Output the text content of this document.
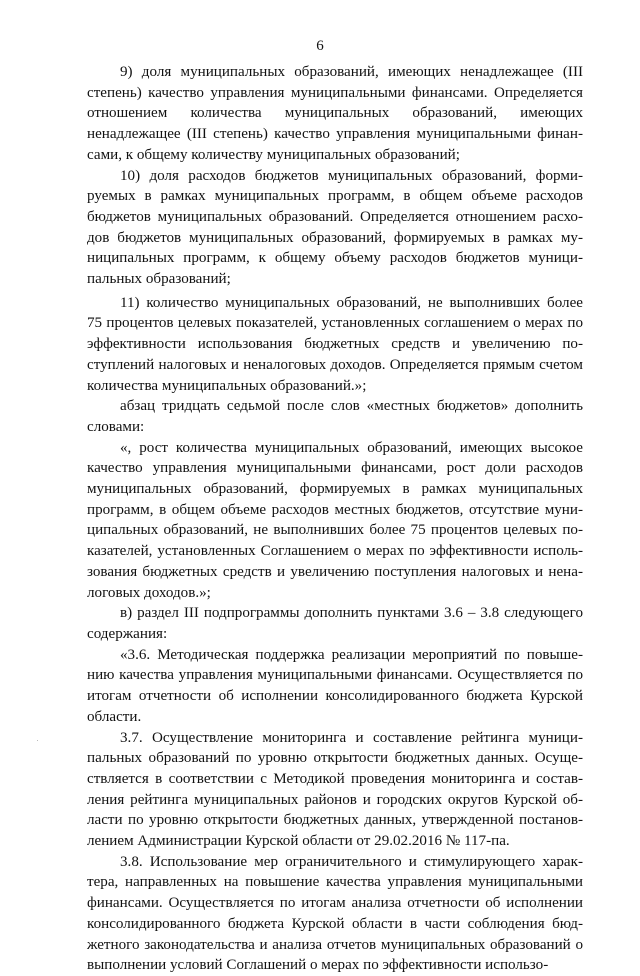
6

9) доля муниципальных образований, имеющих ненадлежащее (III степень) качество управления муниципальными финансами. Определяется отношением количества муниципальных образований, имеющих ненадлежащее (III степень) качество управления муниципальными финансами, к общему количеству муниципальных образований;

10) доля расходов бюджетов муниципальных образований, формируемых в рамках муниципальных программ, в общем объеме расходов бюджетов муниципальных образований. Определяется отношением расходов бюджетов муниципальных образований, формируемых в рамках муниципальных программ, к общему объему расходов бюджетов муниципальных образований;

11) количество муниципальных образований, не выполнивших более 75 процентов целевых показателей, установленных соглашением о мерах по эффективности использования бюджетных средств и увеличению поступлений налоговых и неналоговых доходов. Определяется прямым счетом количества муниципальных образований.»;

абзац тридцать седьмой после слов «местных бюджетов» дополнить словами:

«, рост количества муниципальных образований, имеющих высокое качество управления муниципальными финансами, рост доли расходов муниципальных образований, формируемых в рамках муниципальных программ, в общем объеме расходов местных бюджетов, отсутствие муниципальных образований, не выполнивших более 75 процентов целевых показателей, установленных Соглашением о мерах по эффективности использования бюджетных средств и увеличению поступления налоговых и неналоговых доходов.»;

в) раздел III подпрограммы дополнить пунктами 3.6 – 3.8 следующего содержания:

«3.6. Методическая поддержка реализации мероприятий по повышению качества управления муниципальными финансами. Осуществляется по итогам отчетности об исполнении консолидированного бюджета Курской области.

3.7. Осуществление мониторинга и составление рейтинга муниципальных образований по уровню открытости бюджетных данных. Осуществляется в соответствии с Методикой проведения мониторинга и составления рейтинга муниципальных районов и городских округов Курской области по уровню открытости бюджетных данных, утвержденной постановлением Администрации Курской области от 29.02.2016 № 117-па.

3.8. Использование мер ограничительного и стимулирующего характера, направленных на повышение качества управления муниципальными финансами. Осуществляется по итогам анализа отчетности об исполнении консолидированного бюджета Курской области в части соблюдения бюджетного законодательства и анализа отчетов муниципальных образований о выполнении условий Соглашений о мерах по эффективности использо-
